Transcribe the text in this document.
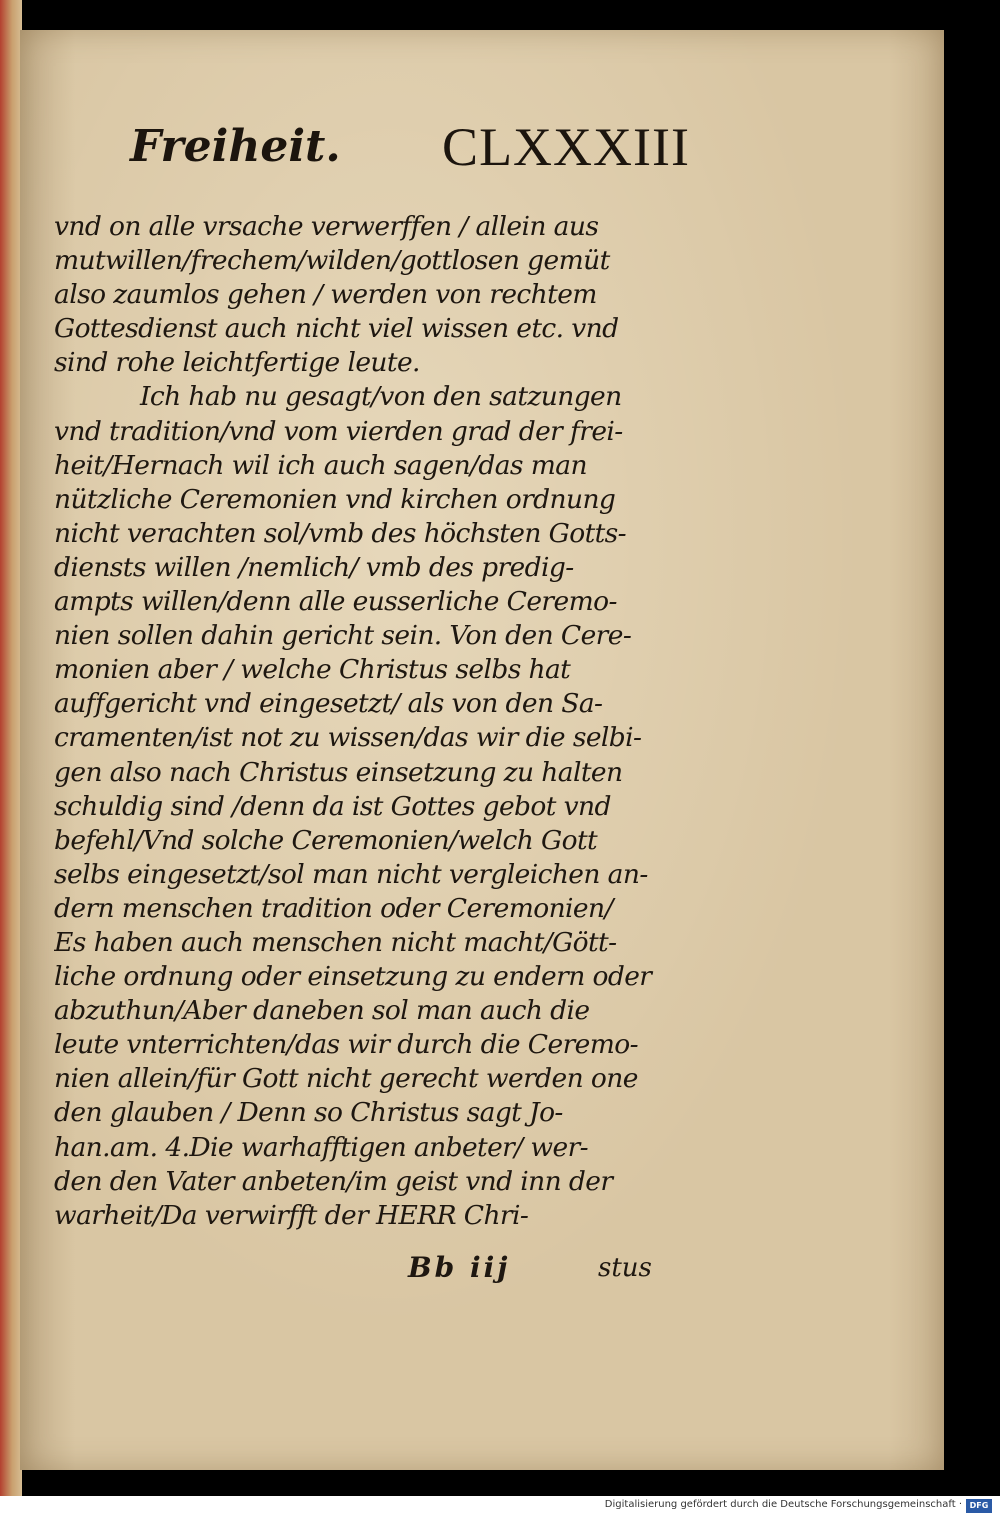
Freiheit. CLXXXIII
vnd on alle vrsache verwerffen / allein aus
mutwillen/frechem/wilden/gottlosen gemüt
also zaumlos gehen / werden von rechtem
Gottesdienst auch nicht viel wissen etc. vnd
sind rohe leichtfertige leute.
Ich hab nu gesagt/von den satzungen
vnd tradition/vnd vom vierden grad der frei-
heit/Hernach wil ich auch sagen/das man
nützliche Ceremonien vnd kirchen ordnung
nicht verachten sol/vmb des höchsten Gotts-
diensts willen /nemlich/ vmb des predig-
ampts willen/denn alle eusserliche Ceremo-
nien sollen dahin gericht sein. Von den Cere-
monien aber / welche Christus selbs hat
auffgericht vnd eingesetzt/ als von den Sa-
cramenten/ist not zu wissen/das wir die selbi-
gen also nach Christus einsetzung zu halten
schuldig sind /denn da ist Gottes gebot vnd
befehl/Vnd solche Ceremonien/welch Gott
selbs eingesetzt/sol man nicht vergleichen an-
dern menschen tradition oder Ceremonien/
Es haben auch menschen nicht macht/Gött-
liche ordnung oder einsetzung zu endern oder
abzuthun/Aber daneben sol man auch die
leute vnterrichten/das wir durch die Ceremo-
nien allein/für Gott nicht gerecht werden one
den glauben / Denn so Christus sagt Jo-
han.am. 4.Die warhafftigen anbeter/ wer-
den den Vater anbeten/im geist vnd inn der
warheit/Da verwirfft der HERR Chri-
Bb iij	stus
Digitalisierung gefördert durch die Deutsche Forschungsgemeinschaft · DFG
